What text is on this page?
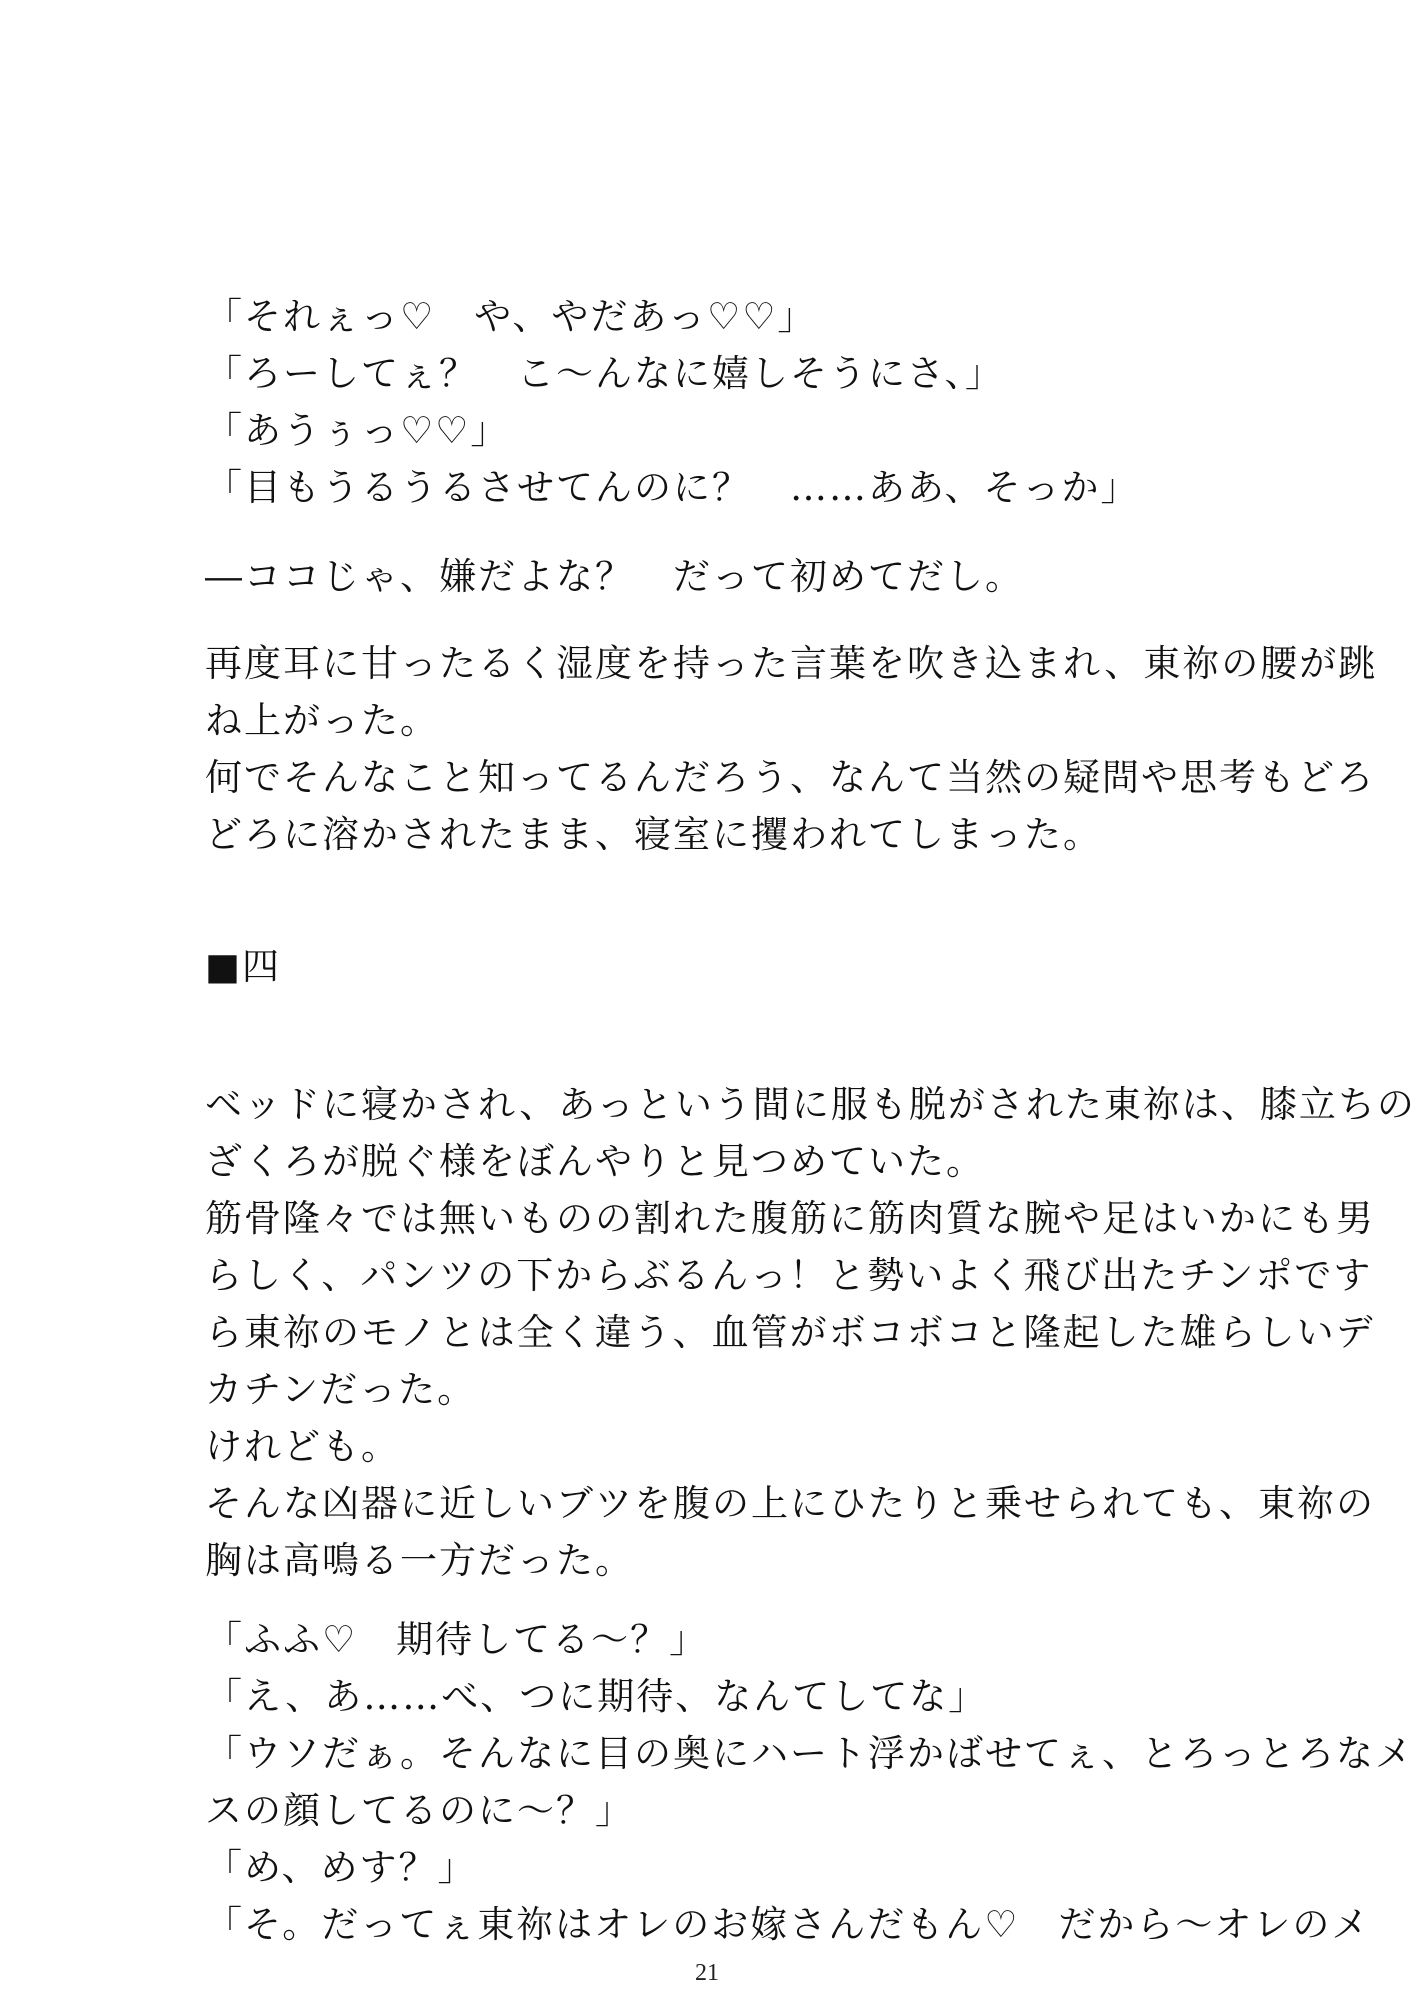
「それぇっ♡　や、やだあっ♡♡」
「ろーしてぇ？　こ～んなに嬉しそうにさ、」
「あうぅっ♡♡」
「目もうるうるさせてんのに？　……ああ、そっか」
―ココじゃ、嫌だよな？　だって初めてだし。
再度耳に甘ったるく湿度を持った言葉を吹き込まれ、東祢の腰が跳
ね上がった。
何でそんなこと知ってるんだろう、なんて当然の疑問や思考もどろ
どろに溶かされたまま、寝室に攫われてしまった。
■四
ベッドに寝かされ、あっという間に服も脱がされた東祢は、膝立ちの
ざくろが脱ぐ様をぼんやりと見つめていた。
筋骨隆々では無いものの割れた腹筋に筋肉質な腕や足はいかにも男
らしく、パンツの下からぶるんっ！と勢いよく飛び出たチンポです
ら東祢のモノとは全く違う、血管がボコボコと隆起した雄らしいデ
カチンだった。
けれども。
そんな凶器に近しいブツを腹の上にひたりと乗せられても、東祢の
胸は高鳴る一方だった。
「ふふ♡　期待してる～？」
「え、あ……べ、つに期待、なんてしてな」
「ウソだぁ。そんなに目の奥にハート浮かばせてぇ、とろっとろなメ
スの顔してるのに～？」
「め、めす？」
「そ。だってぇ東祢はオレのお嫁さんだもん♡　だから～オレのメ
21
